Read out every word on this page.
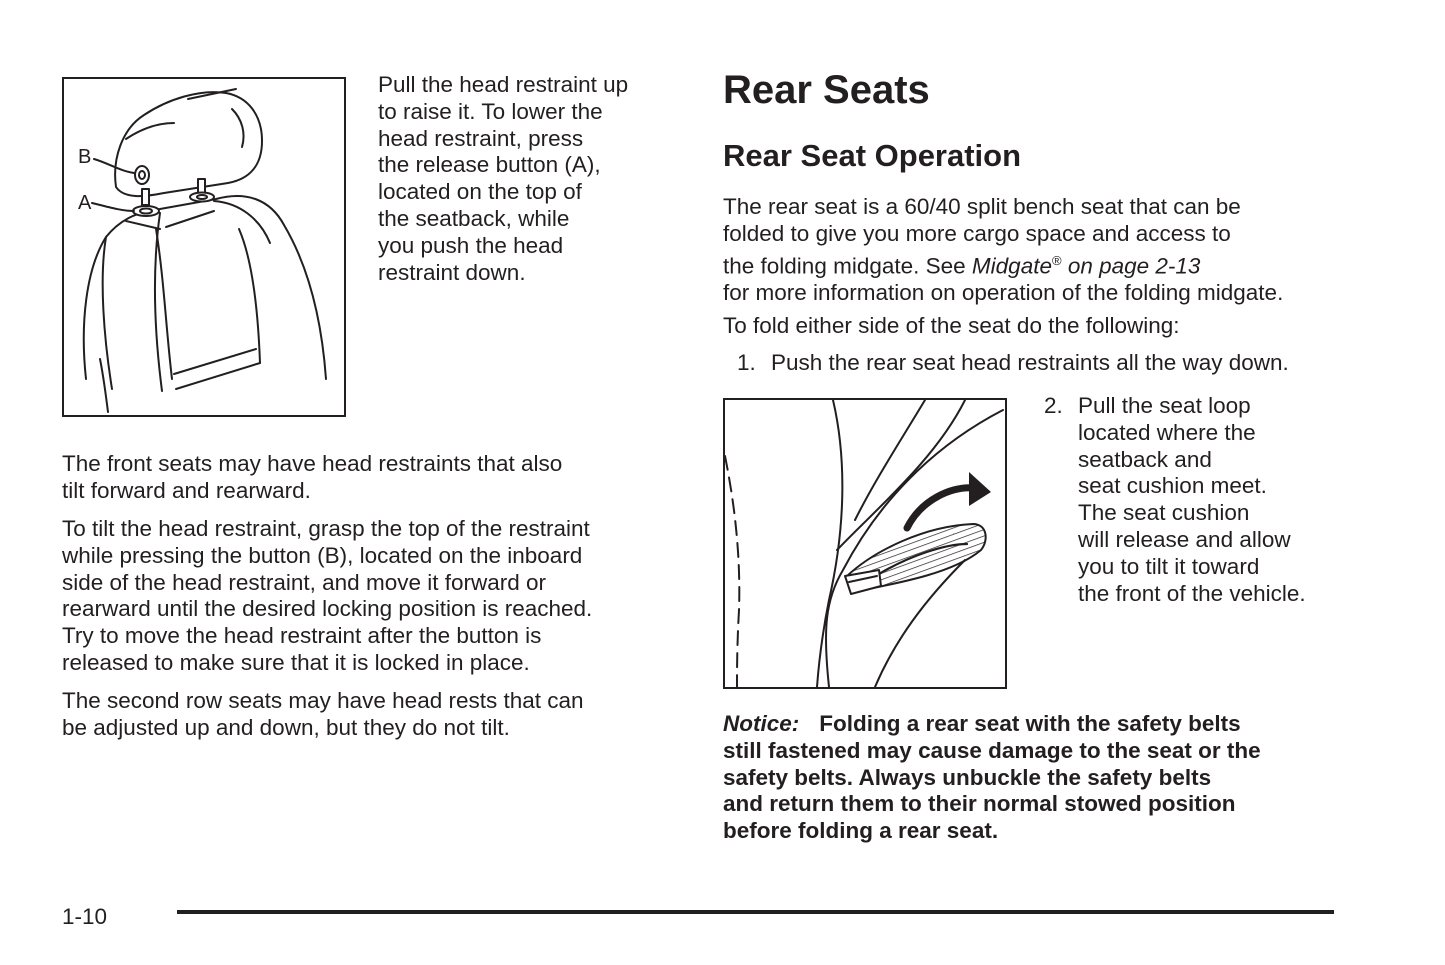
B
A
Pull the head restraint up
to raise it. To lower the
head restraint, press
the release button (A),
located on the top of
the seatback, while
you push the head
restraint down.
The front seats may have head restraints that also
tilt forward and rearward.
To tilt the head restraint, grasp the top of the restraint
while pressing the button (B), located on the inboard
side of the head restraint, and move it forward or
rearward until the desired locking position is reached.
Try to move the head restraint after the button is
released to make sure that it is locked in place.
The second row seats may have head rests that can
be adjusted up and down, but they do not tilt.
Rear Seats
Rear Seat Operation
The rear seat is a 60/40 split bench seat that can be
folded to give you more cargo space and access to
the folding midgate. See Midgate® on page 2-13
for more information on operation of the folding midgate.
To fold either side of the seat do the following:
1. Push the rear seat head restraints all the way down.
2. Pull the seat loop
located where the
seatback and
seat cushion meet.
The seat cushion
will release and allow
you to tilt it toward
the front of the vehicle.
Notice: Folding a rear seat with the safety belts
still fastened may cause damage to the seat or the
safety belts. Always unbuckle the safety belts
and return them to their normal stowed position
before folding a rear seat.
1-10
